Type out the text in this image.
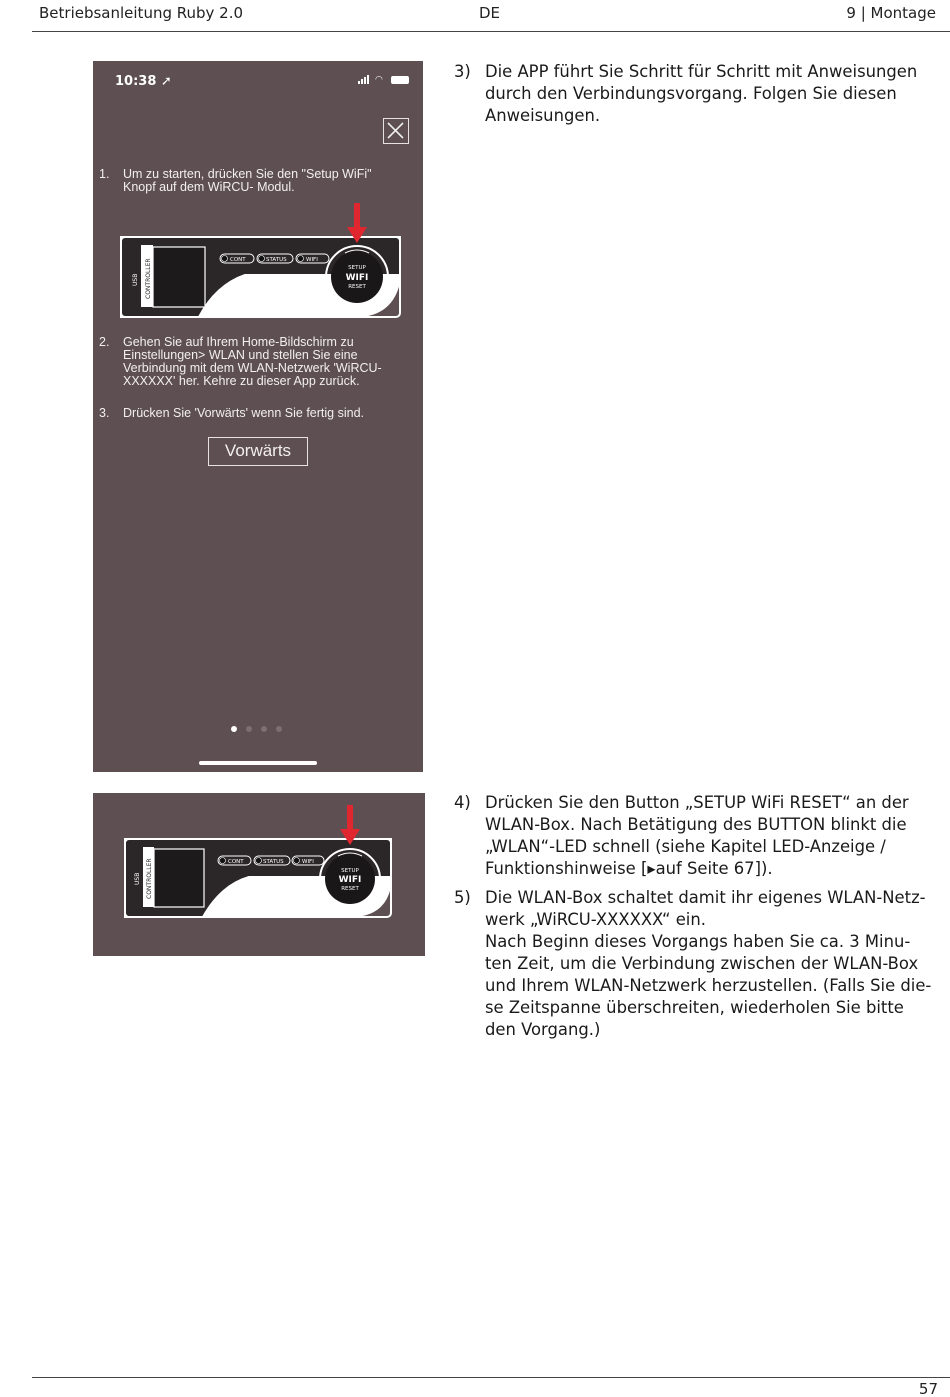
Betriebsanleitung Ruby 2.0	DE	9 | Montage
10:38 ➚	◠
1. Um zu starten, drücken Sie den "Setup WiFi"
Knopf auf dem WiRCU- Modul.
CONTROLLER
USB
CONT	STATUS	WIFI
SETUP
WIFI
RESET
2. Gehen Sie auf Ihrem Home-Bildschirm zu
Einstellungen> WLAN und stellen Sie eine
Verbindung mit dem WLAN-Netzwerk 'WiRCU-
XXXXXX' her. Kehre zu dieser App zurück.
3. Drücken Sie 'Vorwärts' wenn Sie fertig sind.
Vorwärts
CONTROLLER
USB
CONT	STATUS	WIFI
SETUP
WIFI
RESET
3) Die APP führt Sie Schritt für Schritt mit Anweisungen
durch den Verbindungsvorgang. Folgen Sie diesen
Anweisungen.
4) Drücken Sie den Button „SETUP WiFi RESET“ an der
WLAN-Box. Nach Betätigung des BUTTON blinkt die
„WLAN“-LED schnell (siehe Kapitel LED-Anzeige /
Funktionshinweise [▸auf Seite 67]).
5) Die WLAN-Box schaltet damit ihr eigenes WLAN-Netz-
werk „WiRCU-XXXXXX“ ein.
Nach Beginn dieses Vorgangs haben Sie ca. 3 Minu-
ten Zeit, um die Verbindung zwischen der WLAN-Box
und Ihrem WLAN-Netzwerk herzustellen. (Falls Sie die-
se Zeitspanne überschreiten, wiederholen Sie bitte
den Vorgang.)
57
